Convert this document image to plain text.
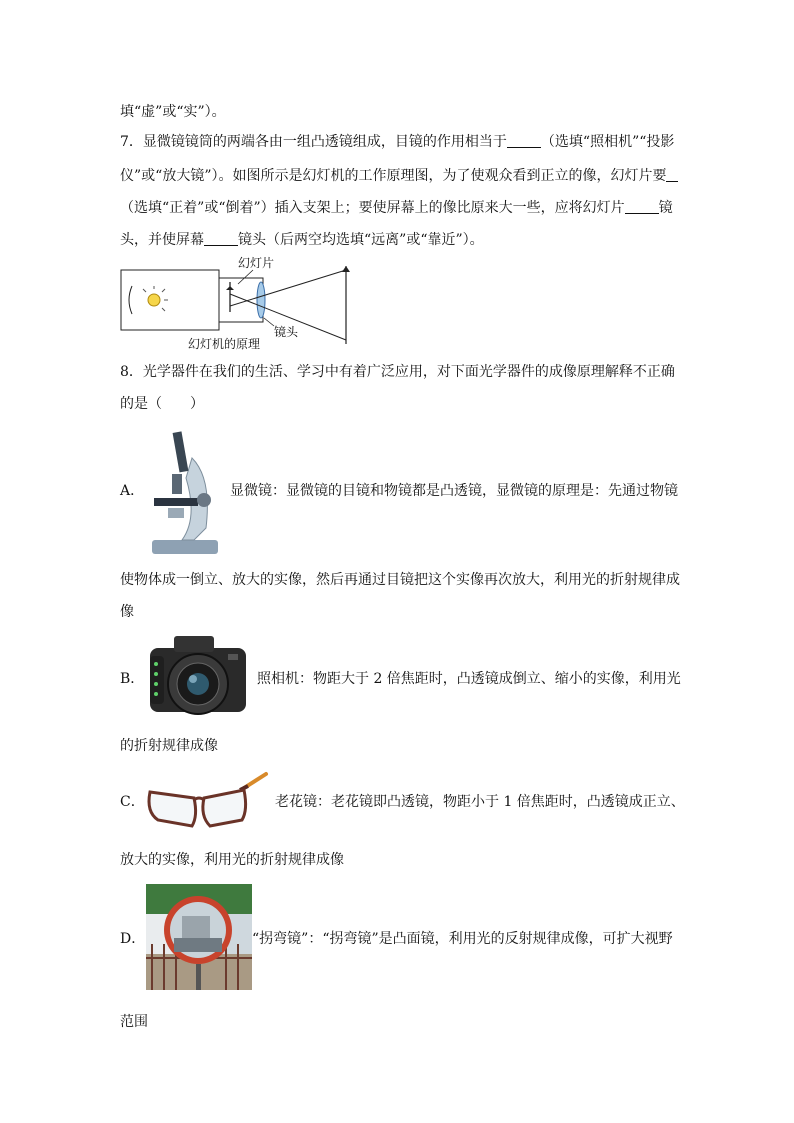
填“虚”或“实”）。
7．显微镜镜筒的两端各由一组凸透镜组成，目镜的作用相当于 （选填“照相机”“投影
仪”或“放大镜”）。如图所示是幻灯机的工作原理图，为了使观众看到正立的像，幻灯片要
（选填“正着”或“倒着”）插入支架上；要使屏幕上的像比原来大一些，应将幻灯片 镜
头，并使屏幕 镜头（后两空均选填“远离”或“靠近”）。
幻灯片
镜头
幻灯机的原理
8．光学器件在我们的生活、学习中有着广泛应用，对下面光学器件的成像原理解释不正确
的是（　　）
A．	显微镜：显微镜的目镜和物镜都是凸透镜，显微镜的原理是：先通过物镜
使物体成一倒立、放大的实像，然后再通过目镜把这个实像再次放大，利用光的折射规律成
像
B．	照相机：物距大于 2 倍焦距时，凸透镜成倒立、缩小的实像，利用光
的折射规律成像
C．	老花镜：老花镜即凸透镜，物距小于 1 倍焦距时，凸透镜成正立、
放大的实像，利用光的折射规律成像
D．	“拐弯镜”：“拐弯镜”是凸面镜，利用光的反射规律成像，可扩大视野
范围
